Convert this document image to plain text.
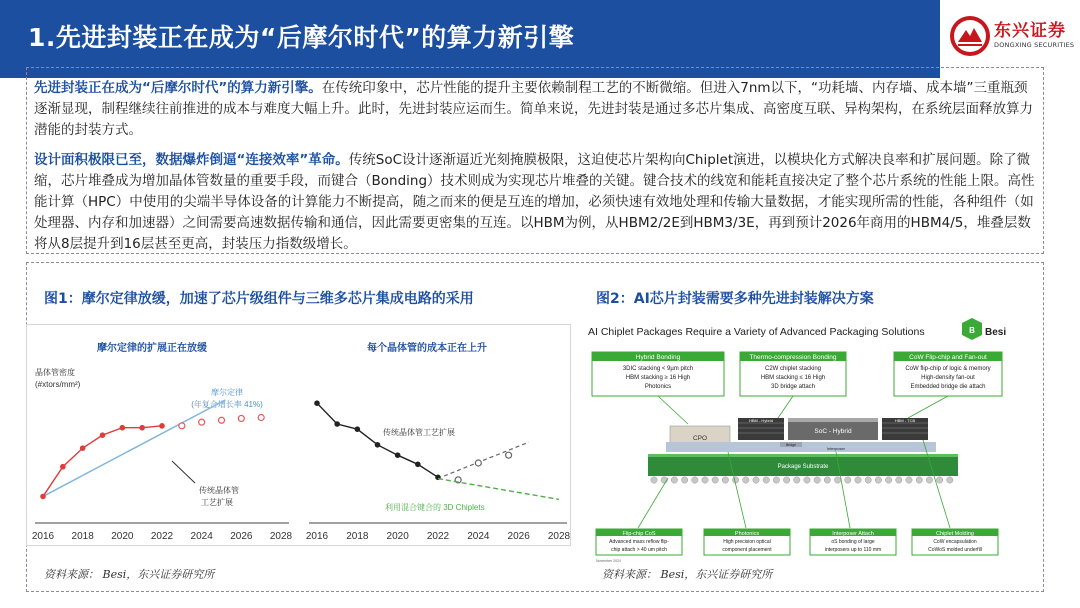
1.先进封装正在成为“后摩尔时代”的算力新引擎	东兴证券
DONGXING SECURITIES
先进封装正在成为“后摩尔时代”的算力新引擎。在传统印象中，芯片性能的提升主要依赖制程工艺的不断微缩。但进入7nm以下，“功耗墙、内存墙、成本墙”三重瓶颈逐渐显现，制程继续往前推进的成本与难度大幅上升。此时，先进封装应运而生。简单来说，先进封装是通过多芯片集成、高密度互联、异构架构，在系统层面释放算力潜能的封装方式。
设计面积极限已至，数据爆炸倒逼“连接效率”革命。传统SoC设计逐渐逼近光刻掩膜极限，这迫使芯片架构向Chiplet演进，以模块化方式解决良率和扩展问题。除了微缩，芯片堆叠成为增加晶体管数量的重要手段，而键合（Bonding）技术则成为实现芯片堆叠的关键。键合技术的线宽和能耗直接决定了整个芯片系统的性能上限。高性能计算（HPC）中使用的尖端半导体设备的计算能力不断提高，随之而来的便是互连的增加，必须快速有效地处理和传输大量数据，才能实现所需的性能，各种组件（如处理器、内存和加速器）之间需要高速数据传输和通信，因此需要更密集的互连。以HBM为例，从HBM2/2E到HBM3/3E，再到预计2026年商用的HBM4/5，堆叠层数将从8层提升到16层甚至更高，封装压力指数级增长。
图1：摩尔定律放缓，加速了芯片级组件与三维多芯片集成电路的采用	图2：AI芯片封装需要多种先进封装解决方案
摩尔定律的扩展正在放缓
晶体管密度
(#xtors/mm²)
摩尔定律
(年复合增长率 41%)
传统晶体管
工艺扩展
每个晶体管的成本正在上升
传统晶体管工艺扩展
利用混合键合的 3D Chiplets
2016 2018 2020 2022 2024 2026 2028 2016 2018 2020 2022 2024 2026 2028
AI Chiplet Packages Require a Variety of Advanced Packaging Solutions	B Besi
Hybrid Bonding
3DIC stacking < 9µm pitch
HBM stacking ≥ 16 High
Photonics
Thermo-compression Bonding
C2W chiplet stacking
HBM stacking ≤ 16 High
3D bridge attach
CoW Flip-chip and Fan-out
CoW flip-chip of logic & memory
High-density fan-out
Embedded bridge die attach
CPO
HBM - Hybrid
SoC - Hybrid
HBM - TCB
Bridge
Interposer
Package Substrate
Flip-chip CoS
Advanced mass reflow flip-
chip attach > 40 um pitch
Photonics
High precision optical
component placement
Interposer Attach
oS bonding of large
interposers up to 110 mm
Chiplet Molding
CoW encapsulation
CoWoS molded underfill
November 2024
资料来源： Besi，东兴证券研究所	资料来源： Besi，东兴证券研究所
